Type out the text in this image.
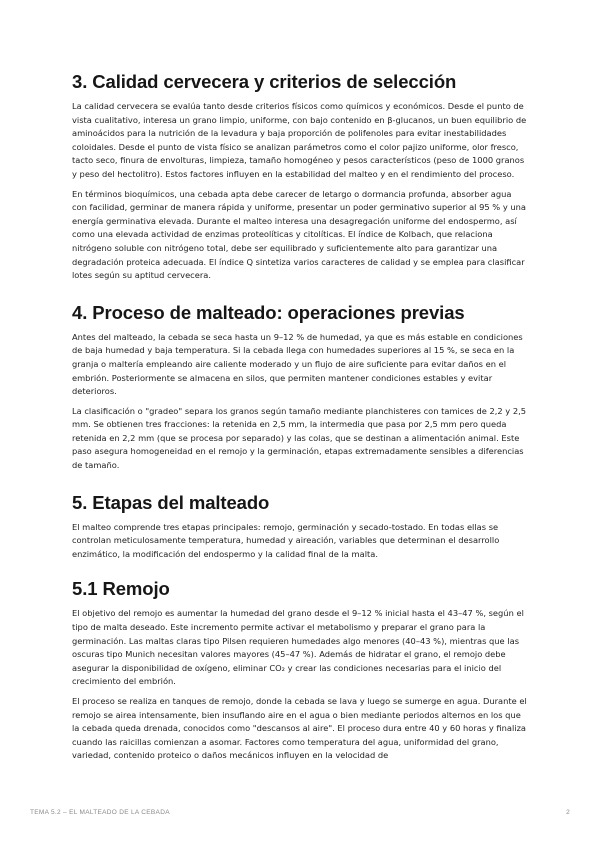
3. Calidad cervecera y criterios de selección

La calidad cervecera se evalúa tanto desde criterios físicos como químicos y económicos. Desde el punto de vista cualitativo, interesa un grano limpio, uniforme, con bajo contenido en β-glucanos, un buen equilibrio de aminoácidos para la nutrición de la levadura y baja proporción de polifenoles para evitar inestabilidades coloidales. Desde el punto de vista físico se analizan parámetros como el color pajizo uniforme, olor fresco, tacto seco, finura de envolturas, limpieza, tamaño homogéneo y pesos característicos (peso de 1000 granos y peso del hectolitro). Estos factores influyen en la estabilidad del malteo y en el rendimiento del proceso.

En términos bioquímicos, una cebada apta debe carecer de letargo o dormancia profunda, absorber agua con facilidad, germinar de manera rápida y uniforme, presentar un poder germinativo superior al 95 % y una energía germinativa elevada. Durante el malteo interesa una desagregación uniforme del endospermo, así como una elevada actividad de enzimas proteolíticas y citolíticas. El índice de Kolbach, que relaciona nitrógeno soluble con nitrógeno total, debe ser equilibrado y suficientemente alto para garantizar una degradación proteica adecuada. El índice Q sintetiza varios caracteres de calidad y se emplea para clasificar lotes según su aptitud cervecera.

4. Proceso de malteado: operaciones previas

Antes del malteado, la cebada se seca hasta un 9–12 % de humedad, ya que es más estable en condiciones de baja humedad y baja temperatura. Si la cebada llega con humedades superiores al 15 %, se seca en la granja o maltería empleando aire caliente moderado y un flujo de aire suficiente para evitar daños en el embrión. Posteriormente se almacena en silos, que permiten mantener condiciones estables y evitar deterioros.

La clasificación o "gradeo" separa los granos según tamaño mediante planchisteres con tamices de 2,2 y 2,5 mm. Se obtienen tres fracciones: la retenida en 2,5 mm, la intermedia que pasa por 2,5 mm pero queda retenida en 2,2 mm (que se procesa por separado) y las colas, que se destinan a alimentación animal. Este paso asegura homogeneidad en el remojo y la germinación, etapas extremadamente sensibles a diferencias de tamaño.

5. Etapas del malteado

El malteo comprende tres etapas principales: remojo, germinación y secado-tostado. En todas ellas se controlan meticulosamente temperatura, humedad y aireación, variables que determinan el desarrollo enzimático, la modificación del endospermo y la calidad final de la malta.

5.1 Remojo

El objetivo del remojo es aumentar la humedad del grano desde el 9–12 % inicial hasta el 43–47 %, según el tipo de malta deseado. Este incremento permite activar el metabolismo y preparar el grano para la germinación. Las maltas claras tipo Pilsen requieren humedades algo menores (40–43 %), mientras que las oscuras tipo Munich necesitan valores mayores (45–47 %). Además de hidratar el grano, el remojo debe asegurar la disponibilidad de oxígeno, eliminar CO₂ y crear las condiciones necesarias para el inicio del crecimiento del embrión.

El proceso se realiza en tanques de remojo, donde la cebada se lava y luego se sumerge en agua. Durante el remojo se airea intensamente, bien insuflando aire en el agua o bien mediante periodos alternos en los que la cebada queda drenada, conocidos como "descansos al aire". El proceso dura entre 40 y 60 horas y finaliza cuando las raicillas comienzan a asomar. Factores como temperatura del agua, uniformidad del grano, variedad, contenido proteico o daños mecánicos influyen en la velocidad de

TEMA 5.2 – EL MALTEADO DE LA CEBADA	2
